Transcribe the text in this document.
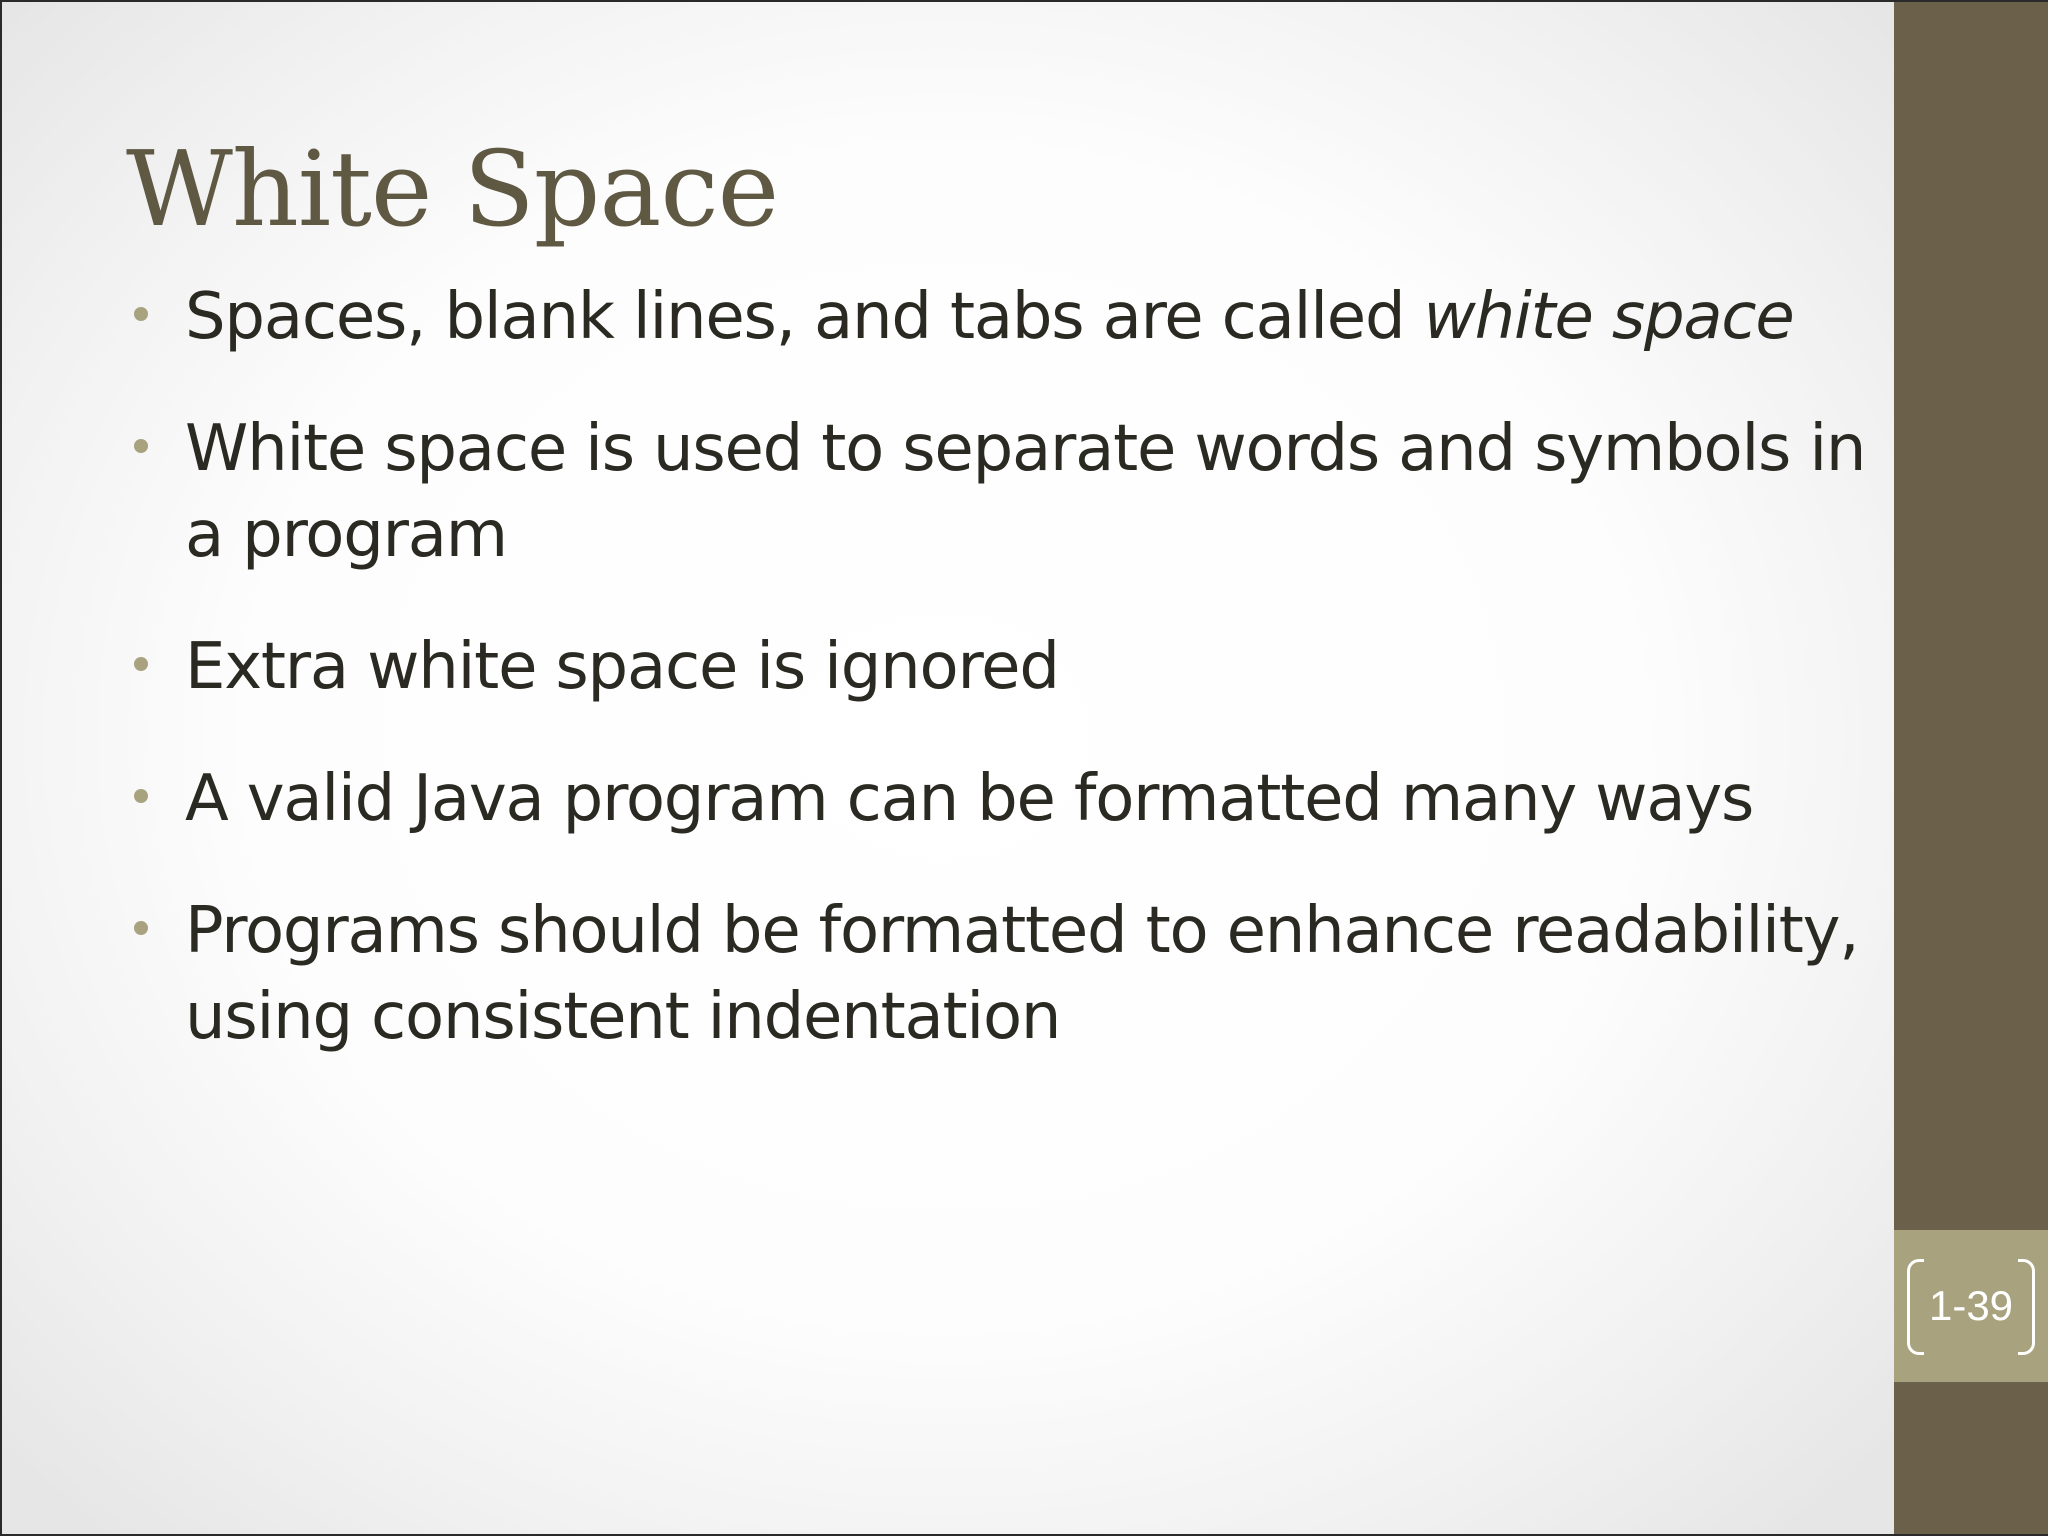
White Space
Spaces, blank lines, and tabs are called white space
White space is used to separate words and symbols in a program
Extra white space is ignored
A valid Java program can be formatted many ways
Programs should be formatted to enhance readability, using consistent indentation
1-39
